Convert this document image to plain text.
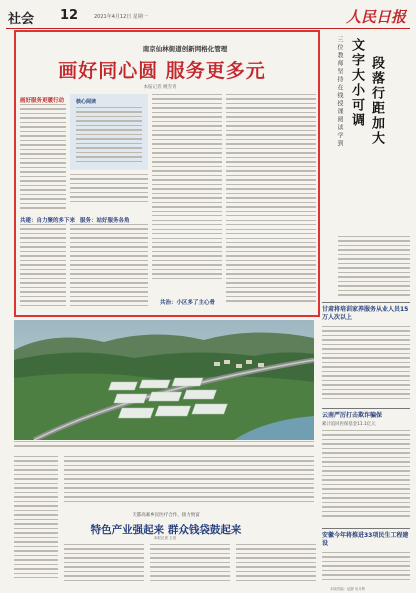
社会 12	2021年4月12日 星期一	人民日报
南京仙林街道创新网格化管理
画好同心圆 服务更多元
本报记者 姚雪青
画好服务更暖行动
共建：自力聚的多下来
核心阅读
服务：站好服务各角
共治：小区多了主心骨
三位教师坚持在线授课阅读学到 文字大小可调 段落行距加大
甘肃将培训家养服务从业人员15万人次以上
云南严厉打击欺诈骗保
累计追回医保基金11.1亿元
安徽今年将推进33项民生工程建设
天都高素乡民医疗合作，接力致富
特色产业强起来 群众钱袋鼓起来
本报记者 王浩
本版责编：赵静 吴月辉
